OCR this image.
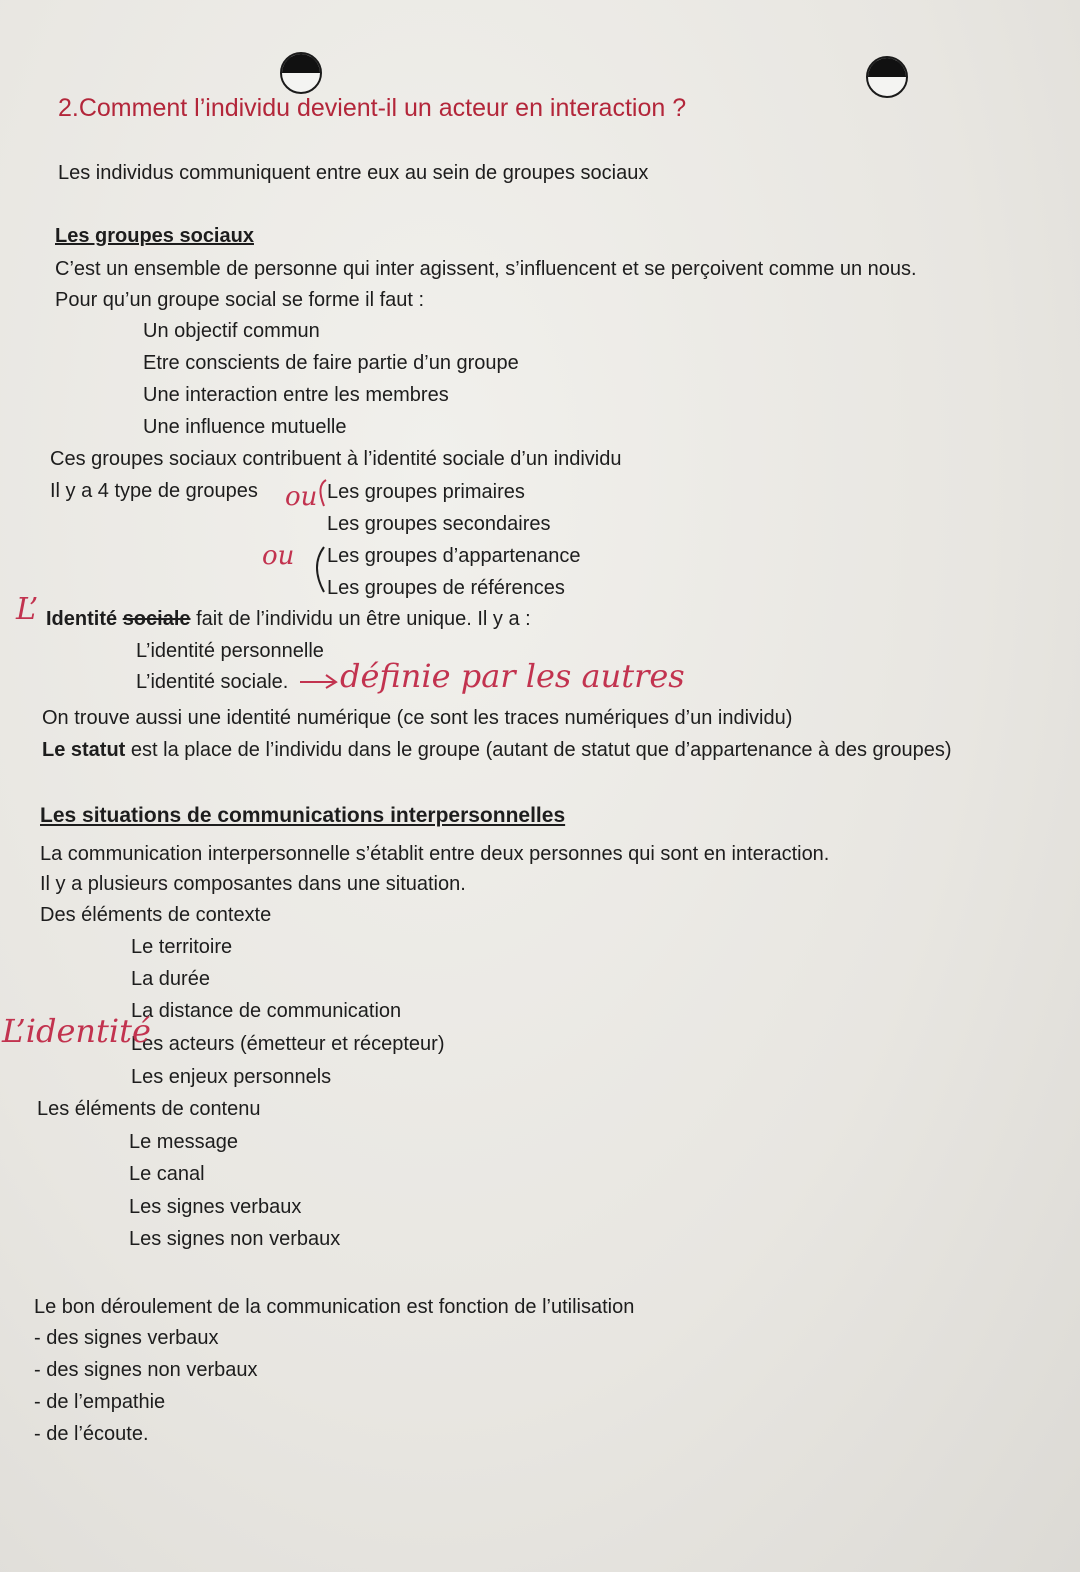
2.Comment l’individu devient-il un acteur en interaction ?
Les individus communiquent entre eux au sein de groupes sociaux
Les groupes sociaux
C’est un ensemble de personne qui inter agissent, s’influencent et se perçoivent comme un nous.
Pour qu’un groupe social se forme il faut :
Un objectif commun
Etre conscients de faire partie d’un groupe
Une interaction entre les membres
Une influence mutuelle
Ces groupes sociaux contribuent à l’identité sociale d’un individu
Il y a 4 type de groupes	Les groupes primaires
Les groupes secondaires
Les groupes d’appartenance
Les groupes de références
Identité sociale fait de l’individu un être unique. Il y a :
L’identité personnelle
L’identité sociale.
On trouve aussi une identité numérique (ce sont les traces numériques d’un individu)
Le statut est la place de l’individu dans le groupe (autant de statut que d’appartenance à des groupes)
Les situations de communications interpersonnelles
La communication interpersonnelle s’établit entre deux personnes qui sont en interaction.
Il y a plusieurs composantes dans une situation.
Des éléments de contexte
Le territoire
La durée
La distance de communication
Les acteurs (émetteur et récepteur)
Les enjeux personnels
Les éléments de contenu
Le message
Le canal
Les signes verbaux
Les signes non verbaux
Le bon déroulement de la communication est fonction de l’utilisation
- des signes verbaux
- des signes non verbaux
- de l’empathie
- de l’écoute.
ou
ou
L’
définie par les autres
L’identité
